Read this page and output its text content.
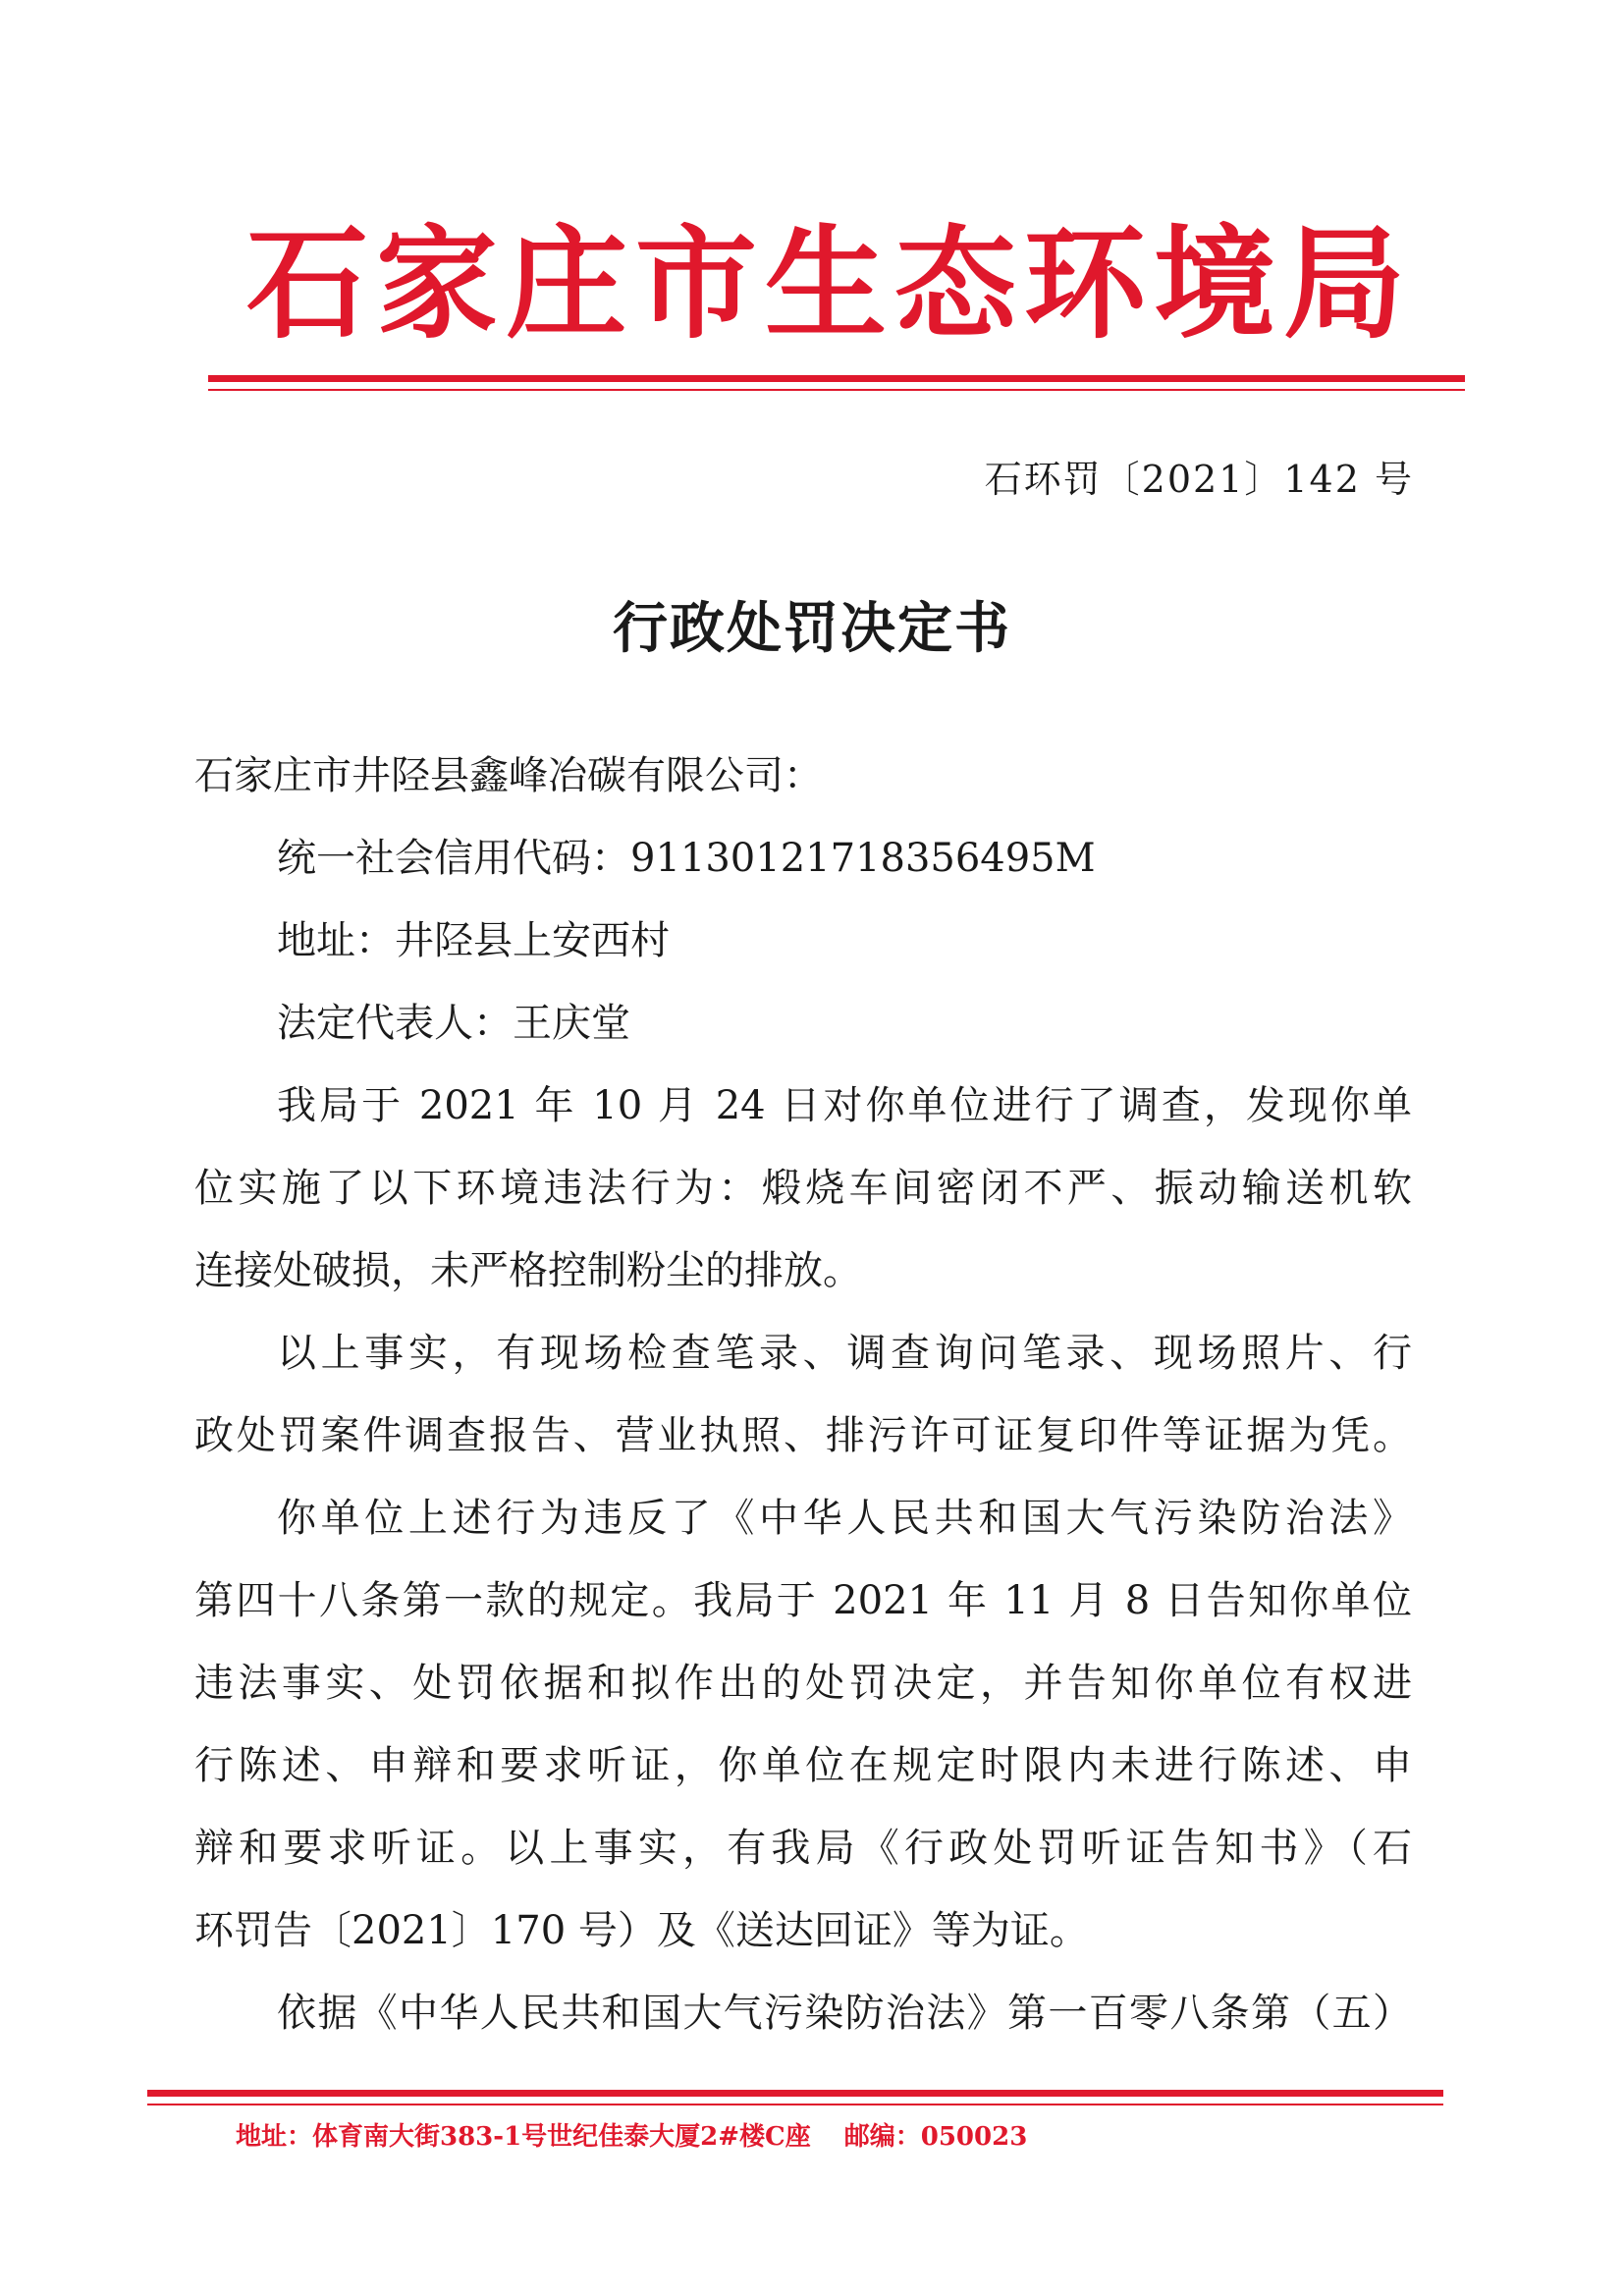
石家庄市生态环境局
石环罚〔2021〕142 号
行政处罚决定书
石家庄市井陉县鑫峰冶碳有限公司：
统一社会信用代码：91130121718356495M
地址：井陉县上安西村
法定代表人：王庆堂
我局于 2021 年 10 月 24 日对你单位进行了调查，发现你单
位实施了以下环境违法行为：煅烧车间密闭不严、振动输送机软
连接处破损，未严格控制粉尘的排放。
以上事实，有现场检查笔录、调查询问笔录、现场照片、行
政处罚案件调查报告、营业执照、排污许可证复印件等证据为凭。
你单位上述行为违反了《中华人民共和国大气污染防治法》
第四十八条第一款的规定。我局于 2021 年 11 月 8 日告知你单位
违法事实、处罚依据和拟作出的处罚决定，并告知你单位有权进
行陈述、申辩和要求听证，你单位在规定时限内未进行陈述、申
辩和要求听证。以上事实，有我局《行政处罚听证告知书》（石
环罚告〔2021〕170 号）及《送达回证》等为证。
依据《中华人民共和国大气污染防治法》第一百零八条第（五）
地址：体育南大街383-1号世纪佳泰大厦2#楼C座 邮编：050023
